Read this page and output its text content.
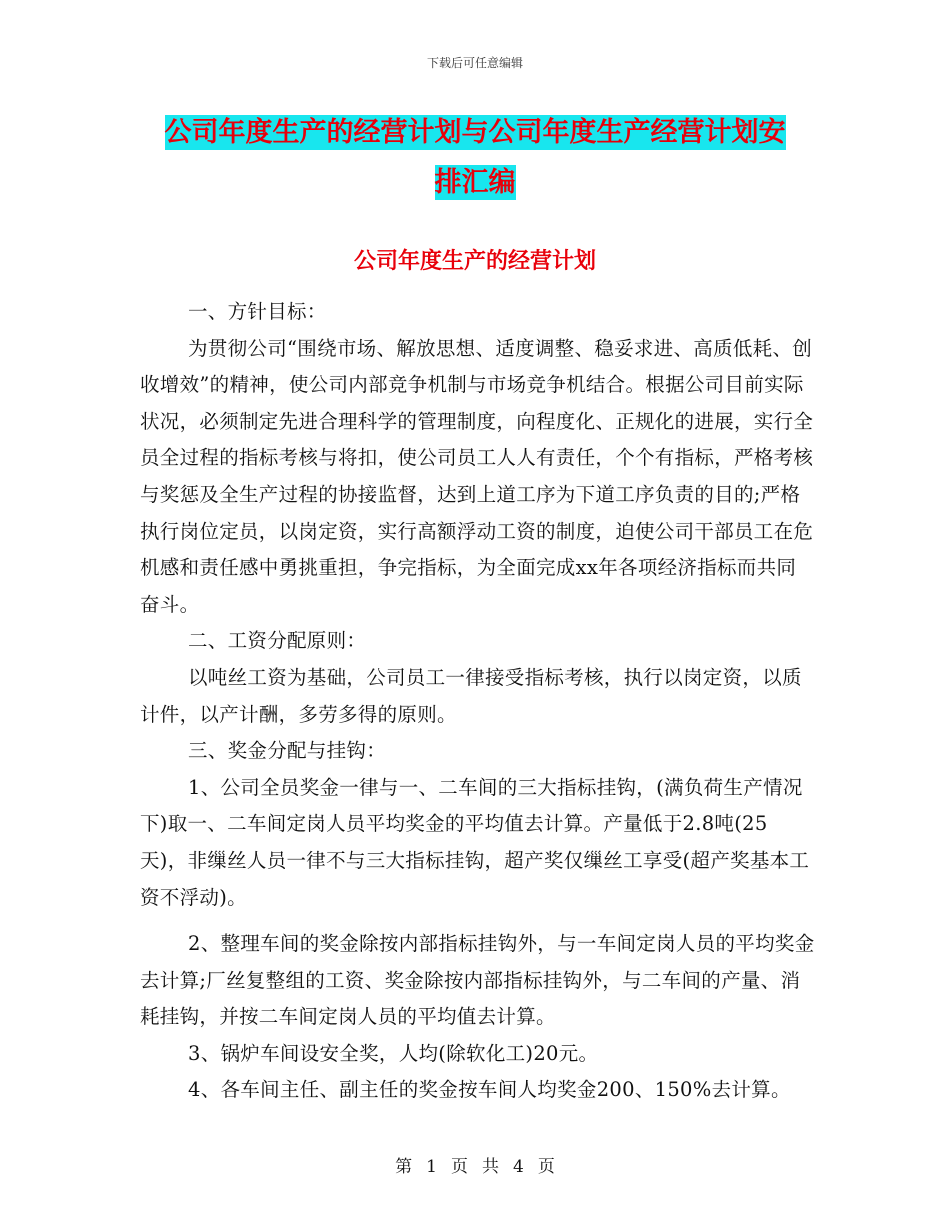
下载后可任意编辑
公司年度生产的经营计划与公司年度生产经营计划安
排汇编
公司年度生产的经营计划

一、方针目标：

为贯彻公司“围绕市场、解放思想、适度调整、稳妥求进、高质低耗、创收增效”的精神，使公司内部竞争机制与市场竞争机结合。根据公司目前实际状况，必须制定先进合理科学的管理制度，向程度化、正规化的进展，实行全员全过程的指标考核与将扣，使公司员工人人有责任，个个有指标，严格考核与奖惩及全生产过程的协接监督，达到上道工序为下道工序负责的目的;严格执行岗位定员，以岗定资，实行高额浮动工资的制度，迫使公司干部员工在危机感和责任感中勇挑重担，争完指标，为全面完成xx年各项经济指标而共同奋斗。

二、工资分配原则：

以吨丝工资为基础，公司员工一律接受指标考核，执行以岗定资，以质计件，以产计酬，多劳多得的原则。

三、奖金分配与挂钩：

1、公司全员奖金一律与一、二车间的三大指标挂钩，(满负荷生产情况下)取一、二车间定岗人员平均奖金的平均值去计算。产量低于2.8吨(25天)，非缫丝人员一律不与三大指标挂钩，超产奖仅缫丝工享受(超产奖基本工资不浮动)。

2、整理车间的奖金除按内部指标挂钩外，与一车间定岗人员的平均奖金去计算;厂丝复整组的工资、奖金除按内部指标挂钩外，与二车间的产量、消耗挂钩，并按二车间定岗人员的平均值去计算。

3、锅炉车间设安全奖，人均(除软化工)20元。

4、各车间主任、副主任的奖金按车间人均奖金200、150%去计算。

第 1 页 共 4 页
